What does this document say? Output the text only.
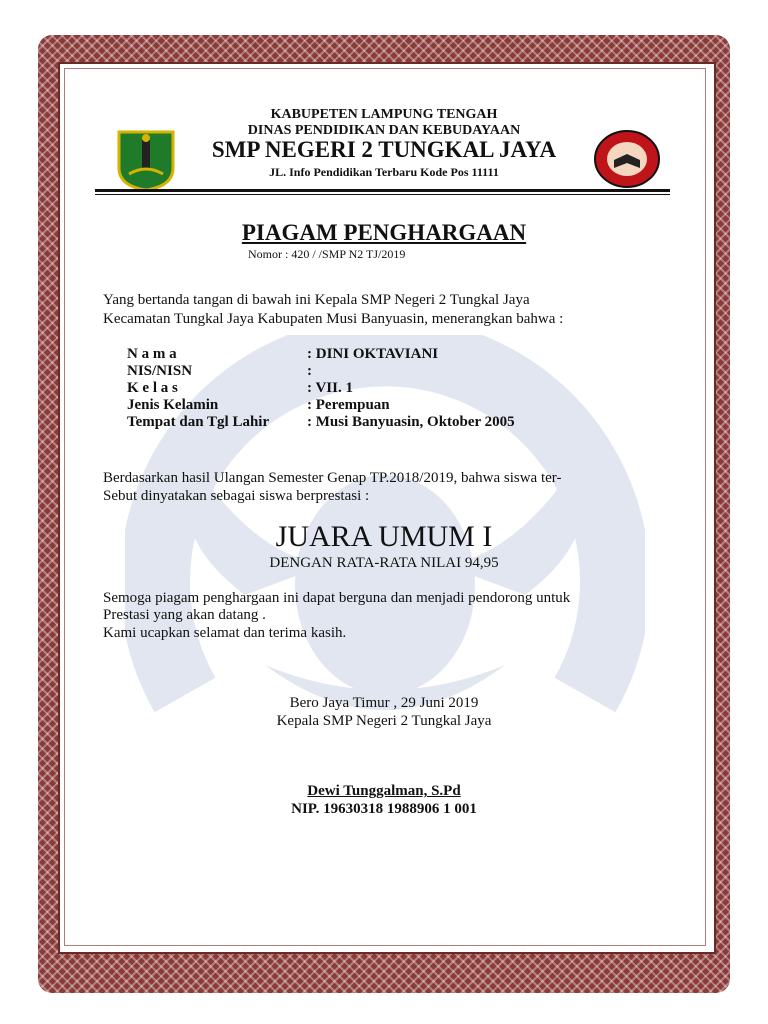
KABUPETEN LAMPUNG TENGAH
DINAS PENDIDIKAN DAN KEBUDAYAAN
SMP NEGERI 2 TUNGKAL JAYA
JL. Info Pendidikan Terbaru Kode Pos 11111
PIAGAM PENGHARGAAN
Nomor : 420 / /SMP N2 TJ/2019
Yang bertanda tangan di bawah ini Kepala SMP Negeri 2 Tungkal Jaya
Kecamatan Tungkal Jaya Kabupaten Musi Banyuasin, menerangkan bahwa :
N a m a	: DINI OKTAVIANI
NIS/NISN	:
K e l a s	: VII. 1
Jenis Kelamin	: Perempuan
Tempat dan Tgl Lahir	: Musi Banyuasin, Oktober 2005
Berdasarkan hasil Ulangan Semester Genap TP.2018/2019, bahwa siswa ter-
Sebut dinyatakan sebagai siswa berprestasi :
JUARA UMUM I
DENGAN RATA-RATA NILAI 94,95
Semoga piagam penghargaan ini dapat berguna dan menjadi pendorong untuk
Prestasi yang akan datang .
Kami ucapkan selamat dan terima kasih.
Bero Jaya Timur , 29 Juni 2019
Kepala SMP Negeri 2 Tungkal Jaya
Dewi Tunggalman, S.Pd
NIP. 19630318 1988906 1 001
